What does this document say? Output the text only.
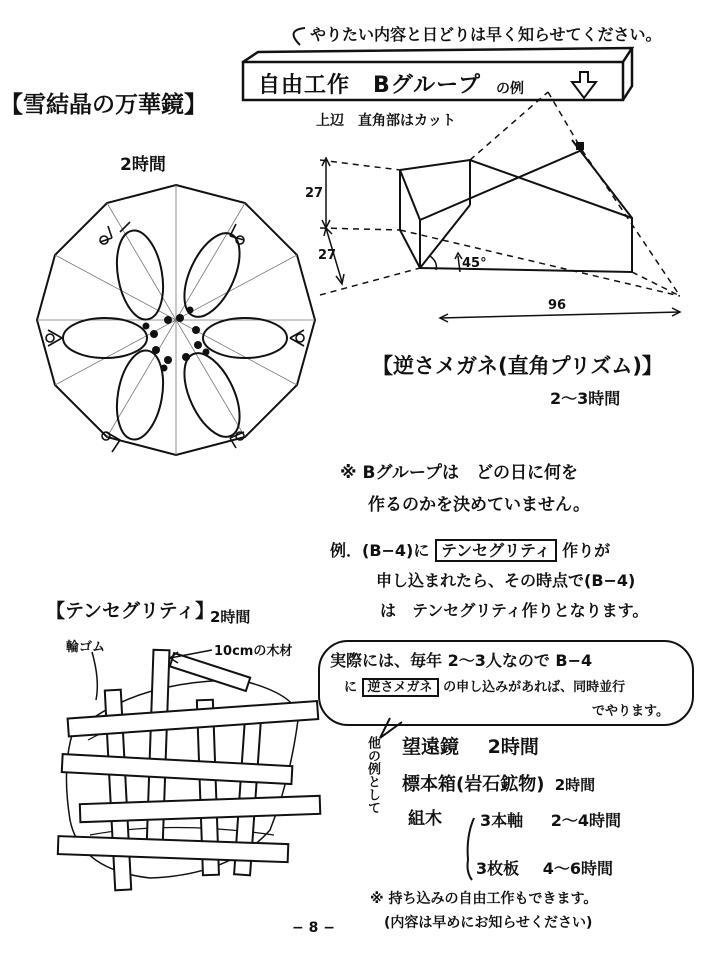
やりたい内容と日どりは早く知らせてください。
自由工作　Bグループ の例
【雪結晶の万華鏡】
2時間
上辺　直角部はカット
27
27
45°
96
【逆さメガネ(直角プリズム)】
2〜3時間
※ Bグループは　どの日に何を
作るのかを決めていません。
例．(B−4)に テンセグリティ 作りが
申し込まれたら、その時点で(B−4)
は　テンセグリティ作りとなります。
【テンセグリティ】
2時間
輪ゴム	10cmの木材 実際には、毎年 2〜3人なので B−4
に 逆さメガネ の申し込みがあれば、同時並行
でやります。
他の例として 望遠鏡 2時間
標本箱(岩石鉱物) 2時間
組木 3本軸 2〜4時間
3枚板 4〜6時間
※ 持ち込みの自由工作もできます。
(内容は早めにお知らせください)
− 8 −
